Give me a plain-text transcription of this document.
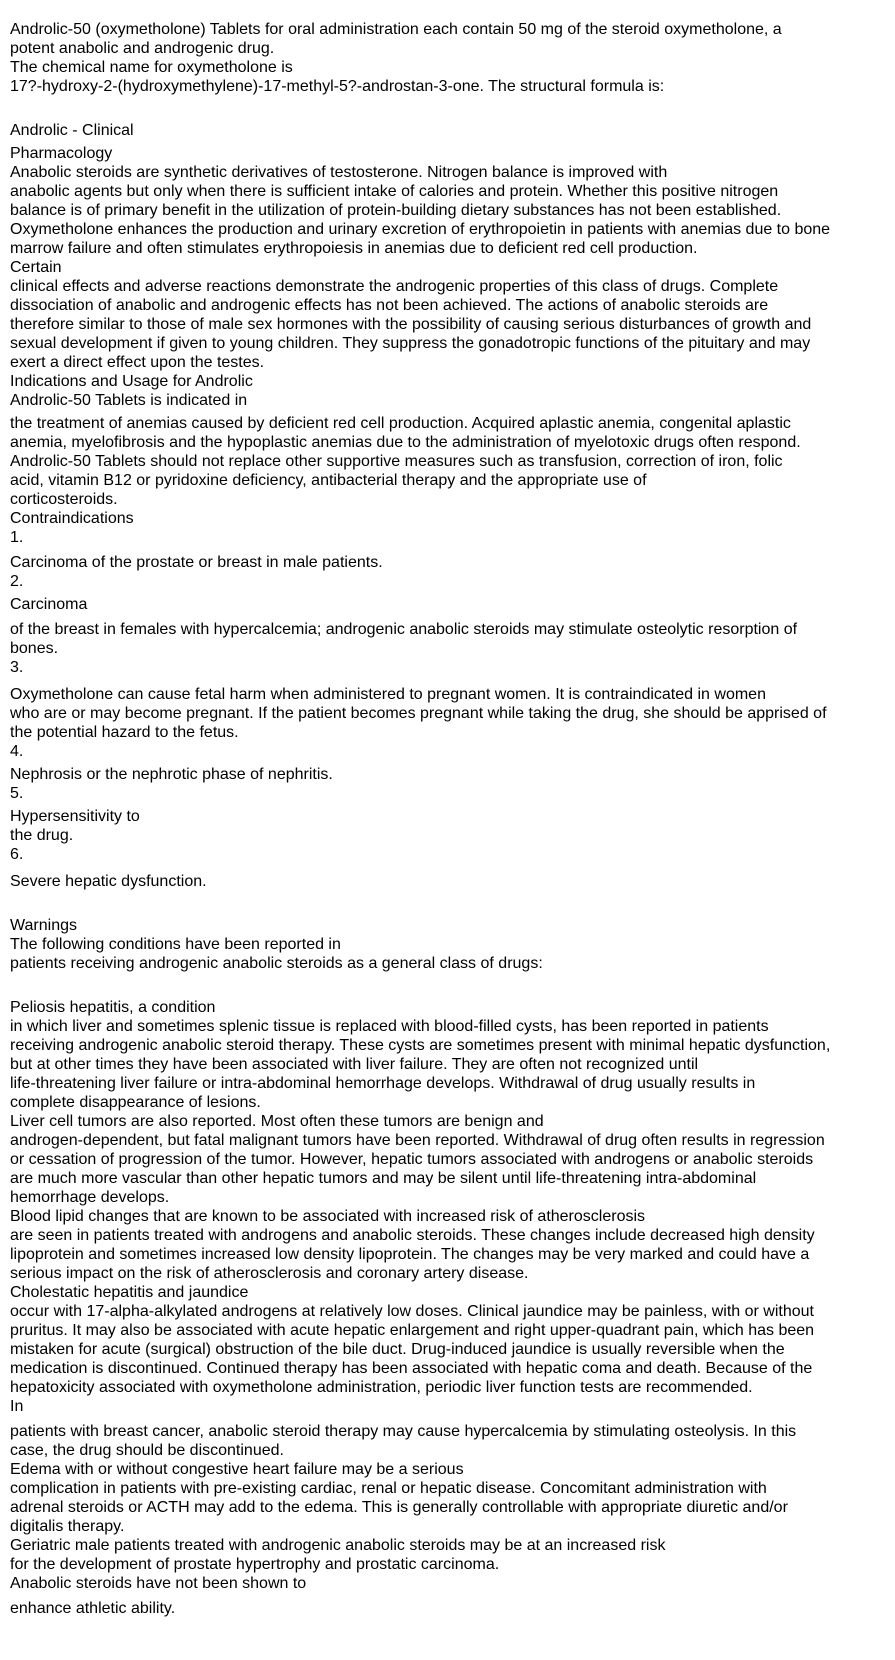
Androlic-50 (oxymetholone) Tablets for oral administration each contain 50 mg of the steroid oxymetholone, a
potent anabolic and androgenic drug.

The chemical name for oxymetholone is
17?-hydroxy-2-(hydroxymethylene)-17-methyl-5?-androstan-3-one. The structural formula is:

Androlic - Clinical

Pharmacology

Anabolic steroids are synthetic derivatives of testosterone. Nitrogen balance is improved with
anabolic agents but only when there is sufficient intake of calories and protein. Whether this positive nitrogen
balance is of primary benefit in the utilization of protein-building dietary substances has not been established.
Oxymetholone enhances the production and urinary excretion of erythropoietin in patients with anemias due to bone
marrow failure and often stimulates erythropoiesis in anemias due to deficient red cell production.

Certain

clinical effects and adverse reactions demonstrate the androgenic properties of this class of drugs. Complete
dissociation of anabolic and androgenic effects has not been achieved. The actions of anabolic steroids are
therefore similar to those of male sex hormones with the possibility of causing serious disturbances of growth and
sexual development if given to young children. They suppress the gonadotropic functions of the pituitary and may
exert a direct effect upon the testes.

Indications and Usage for Androlic

Androlic-50 Tablets is indicated in

the treatment of anemias caused by deficient red cell production. Acquired aplastic anemia, congenital aplastic
anemia, myelofibrosis and the hypoplastic anemias due to the administration of myelotoxic drugs often respond.
Androlic-50 Tablets should not replace other supportive measures such as transfusion, correction of iron, folic
acid, vitamin B12 or pyridoxine deficiency, antibacterial therapy and the appropriate use of
corticosteroids.

Contraindications

1.

Carcinoma of the prostate or breast in male patients.

2.

Carcinoma

of the breast in females with hypercalcemia; androgenic anabolic steroids may stimulate osteolytic resorption of
bones.

3.

Oxymetholone can cause fetal harm when administered to pregnant women. It is contraindicated in women
who are or may become pregnant. If the patient becomes pregnant while taking the drug, she should be apprised of
the potential hazard to the fetus.

4.

Nephrosis or the nephrotic phase of nephritis.

5.

Hypersensitivity to
the drug.

6.

Severe hepatic dysfunction.

Warnings

The following conditions have been reported in
patients receiving androgenic anabolic steroids as a general class of drugs:

Peliosis hepatitis, a condition

in which liver and sometimes splenic tissue is replaced with blood-filled cysts, has been reported in patients
receiving androgenic anabolic steroid therapy. These cysts are sometimes present with minimal hepatic dysfunction,
but at other times they have been associated with liver failure. They are often not recognized until
life-threatening liver failure or intra-abdominal hemorrhage develops. Withdrawal of drug usually results in
complete disappearance of lesions.

Liver cell tumors are also reported. Most often these tumors are benign and

androgen-dependent, but fatal malignant tumors have been reported. Withdrawal of drug often results in regression
or cessation of progression of the tumor. However, hepatic tumors associated with androgens or anabolic steroids
are much more vascular than other hepatic tumors and may be silent until life-threatening intra-abdominal
hemorrhage develops.

Blood lipid changes that are known to be associated with increased risk of atherosclerosis

are seen in patients treated with androgens and anabolic steroids. These changes include decreased high density
lipoprotein and sometimes increased low density lipoprotein. The changes may be very marked and could have a
serious impact on the risk of atherosclerosis and coronary artery disease.

Cholestatic hepatitis and jaundice

occur with 17-alpha-alkylated androgens at relatively low doses. Clinical jaundice may be painless, with or without
pruritus. It may also be associated with acute hepatic enlargement and right upper-quadrant pain, which has been
mistaken for acute (surgical) obstruction of the bile duct. Drug-induced jaundice is usually reversible when the
medication is discontinued. Continued therapy has been associated with hepatic coma and death. Because of the
hepatoxicity associated with oxymetholone administration, periodic liver function tests are recommended.

In

patients with breast cancer, anabolic steroid therapy may cause hypercalcemia by stimulating osteolysis. In this
case, the drug should be discontinued.

Edema with or without congestive heart failure may be a serious

complication in patients with pre-existing cardiac, renal or hepatic disease. Concomitant administration with
adrenal steroids or ACTH may add to the edema. This is generally controllable with appropriate diuretic and/or
digitalis therapy.

Geriatric male patients treated with androgenic anabolic steroids may be at an increased risk
for the development of prostate hypertrophy and prostatic carcinoma.

Anabolic steroids have not been shown to

enhance athletic ability.
